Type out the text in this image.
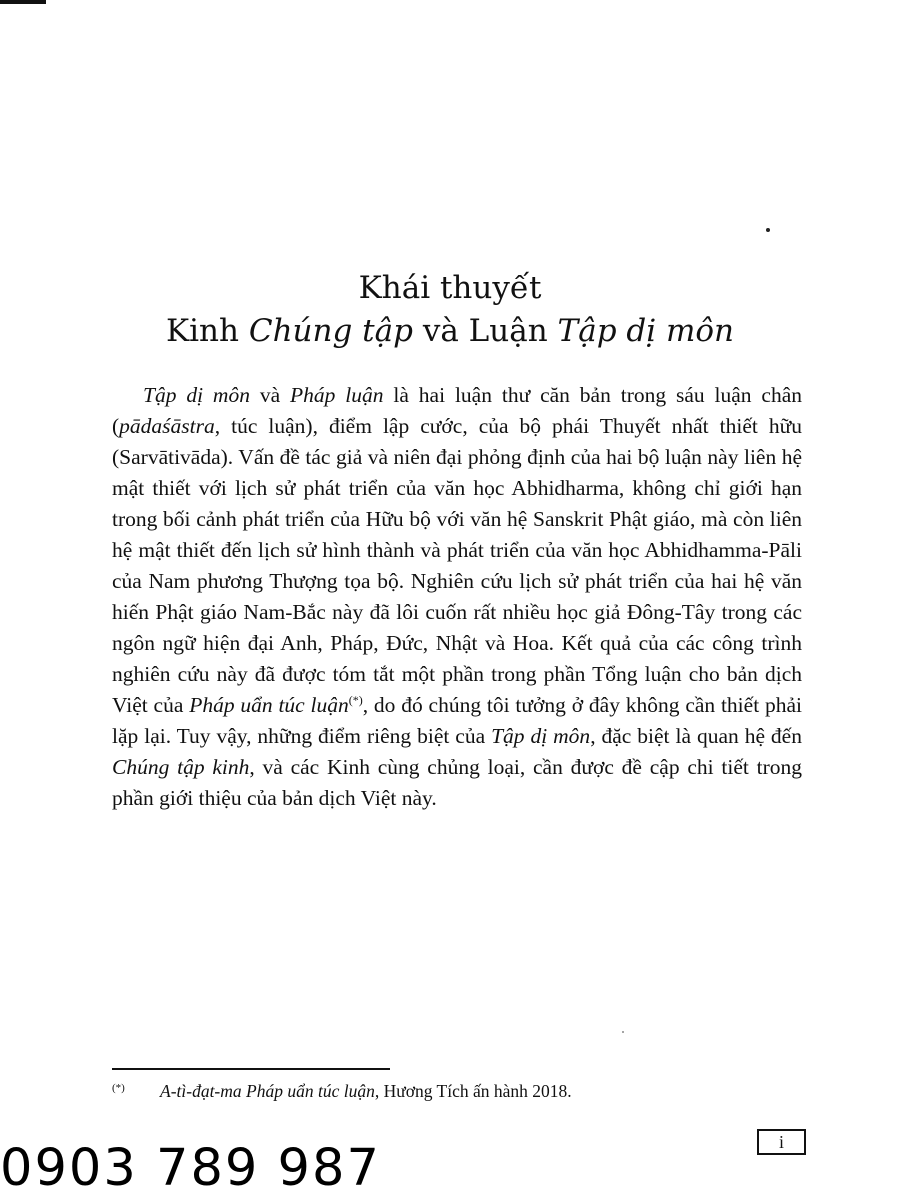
Khái thuyết
Kinh Chúng tập và Luận Tập dị môn

Tập dị môn và Pháp luận là hai luận thư căn bản trong sáu luận chân (pādaśāstra, túc luận), điểm lập cước, của bộ phái Thuyết nhất thiết hữu (Sarvātivāda). Vấn đề tác giả và niên đại phỏng định của hai bộ luận này liên hệ mật thiết với lịch sử phát triển của văn học Abhidharma, không chỉ giới hạn trong bối cảnh phát triển của Hữu bộ với văn hệ Sanskrit Phật giáo, mà còn liên hệ mật thiết đến lịch sử hình thành và phát triển của văn học Abhidhamma-Pāli của Nam phương Thượng tọa bộ. Nghiên cứu lịch sử phát triển của hai hệ văn hiến Phật giáo Nam-Bắc này đã lôi cuốn rất nhiều học giả Đông-Tây trong các ngôn ngữ hiện đại Anh, Pháp, Đức, Nhật và Hoa. Kết quả của các công trình nghiên cứu này đã được tóm tắt một phần trong phần Tổng luận cho bản dịch Việt của Pháp uẩn túc luận(*), do đó chúng tôi tưởng ở đây không cần thiết phải lặp lại. Tuy vậy, những điểm riêng biệt của Tập dị môn, đặc biệt là quan hệ đến Chúng tập kinh, và các Kinh cùng chủng loại, cần được đề cập chi tiết trong phần giới thiệu của bản dịch Việt này.

(*) A-tì-đạt-ma Pháp uẩn túc luận, Hương Tích ấn hành 2018.
i
0903 789 987
